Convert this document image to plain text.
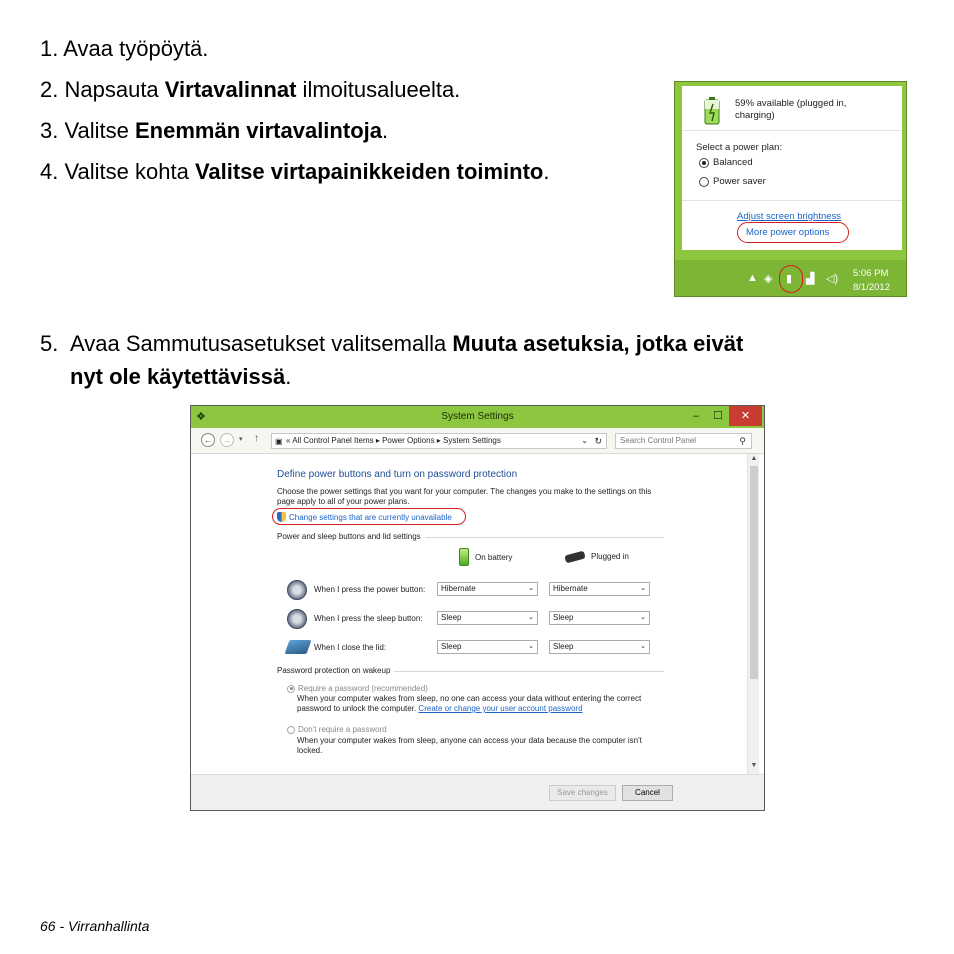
1. Avaa työpöytä.
2. Napsauta Virtavalinnat ilmoitusalueelta.
3. Valitse Enemmän virtavalintoja.
4. Valitse kohta Valitse virtapainikkeiden toiminto.
5. Avaa Sammutusasetukset valitsemalla Muuta asetuksia, jotka eivät
nyt ole käytettävissä.
59% available (plugged in,
charging)
Select a power plan:
Balanced
Power saver
Adjust screen brightness
More power options
▲ ◈ ▮ ▟ ◁) 5:06 PM
8/1/2012
❖	System Settings	–	☐	✕
← →	▾ ↑ ▣ « All Control Panel Items ▸ Power Options ▸ System Settings	⌄ ↻	Search Control Panel	⚲
Define power buttons and turn on password protection
Choose the power settings that you want for your computer. The changes you make to the settings on this page apply to all of your power plans.
Change settings that are currently unavailable
Power and sleep buttons and lid settings
On battery	Plugged in
When I press the power button:	Hibernate	⌄	Hibernate	⌄
When I press the sleep button:	Sleep	⌄	Sleep	⌄
When I close the lid:	Sleep	⌄	Sleep	⌄
Password protection on wakeup
Require a password (recommended)
When your computer wakes from sleep, no one can access your data without entering the correct password to unlock the computer. Create or change your user account password
Don't require a password
When your computer wakes from sleep, anyone can access your data because the computer isn't locked.
▲
▼
Save changes	Cancel
66 - Virranhallinta
